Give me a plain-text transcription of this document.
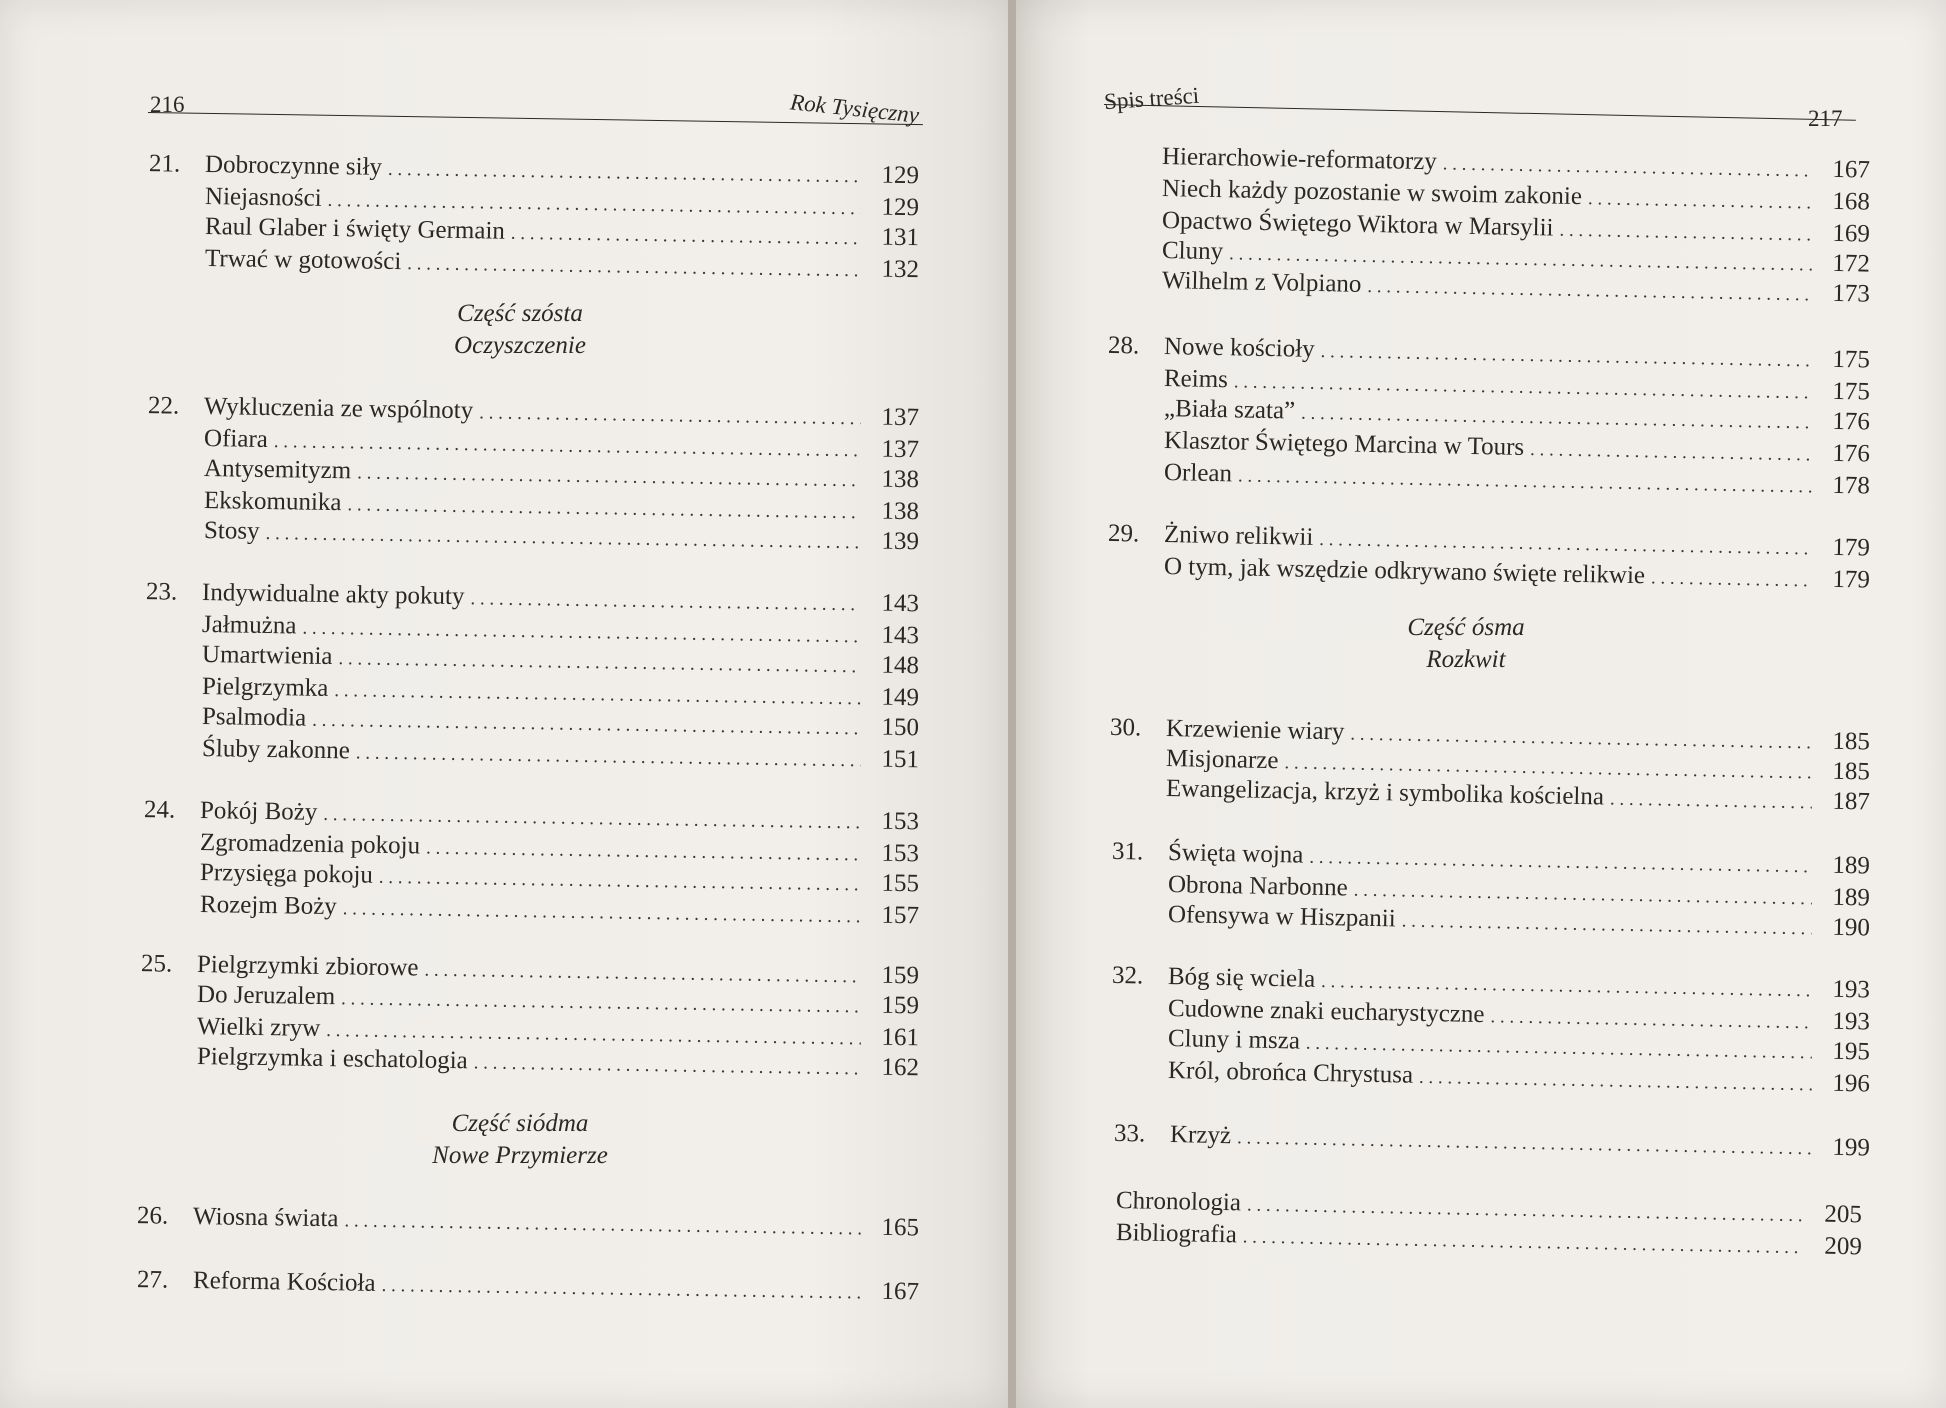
216	Rok Tysięczny
21. Dobroczynne siły . . .	129
Niejasności . . .	129
Raul Glaber i święty Germain . . .	131
Trwać w gotowości . . .	132
22. Wykluczenia ze wspólnoty . . .	137
Ofiara . . .	137
Antysemityzm . . .	138
Ekskomunika . . .	138
Stosy . . .	139
23. Indywidualne akty pokuty . . .	143
Jałmużna . . .	143
Umartwienia . . .	148
Pielgrzymka . . .	149
Psalmodia . . .	150
Śluby zakonne . . .	151
24. Pokój Boży . . .	153
Zgromadzenia pokoju . . .	153
Przysięga pokoju . . .	155
Rozejm Boży . . .	157
25. Pielgrzymki zbiorowe . . .	159
Do Jeruzalem . . .	159
Wielki zryw . . .	161
Pielgrzymka i eschatologia . . .	162
26. Wiosna świata . . .	165
27. Reforma Kościoła . . .	167
Część szósta
Oczyszczenie
Część siódma
Nowe Przymierze
Spis treści
217
Hierarchowie-reformatorzy . . .	167
Niech każdy pozostanie w swoim zakonie . . .	168
Opactwo Świętego Wiktora w Marsylii . . .	169
Cluny . . .	172
Wilhelm z Volpiano . . .	173
28. Nowe kościoły . . .	175
Reims . . .	175
„Biała szata” . . .	176
Klasztor Świętego Marcina w Tours . . .	176
Orlean . . .	178
29. Żniwo relikwii . . .	179
O tym, jak wszędzie odkrywano święte relikwie . . .	179
30. Krzewienie wiary . . .	185
Misjonarze . . .	185
Ewangelizacja, krzyż i symbolika kościelna . . .	187
31. Święta wojna . . .	189
Obrona Narbonne . . .	189
Ofensywa w Hiszpanii . . .	190
32. Bóg się wciela . . .	193
Cudowne znaki eucharystyczne . . .	193
Cluny i msza . . .	195
Król, obrońca Chrystusa . . .	196
33. Krzyż . . .	199
Chronologia . . .	205
Bibliografia . . .	209
Część ósma
Rozkwit
